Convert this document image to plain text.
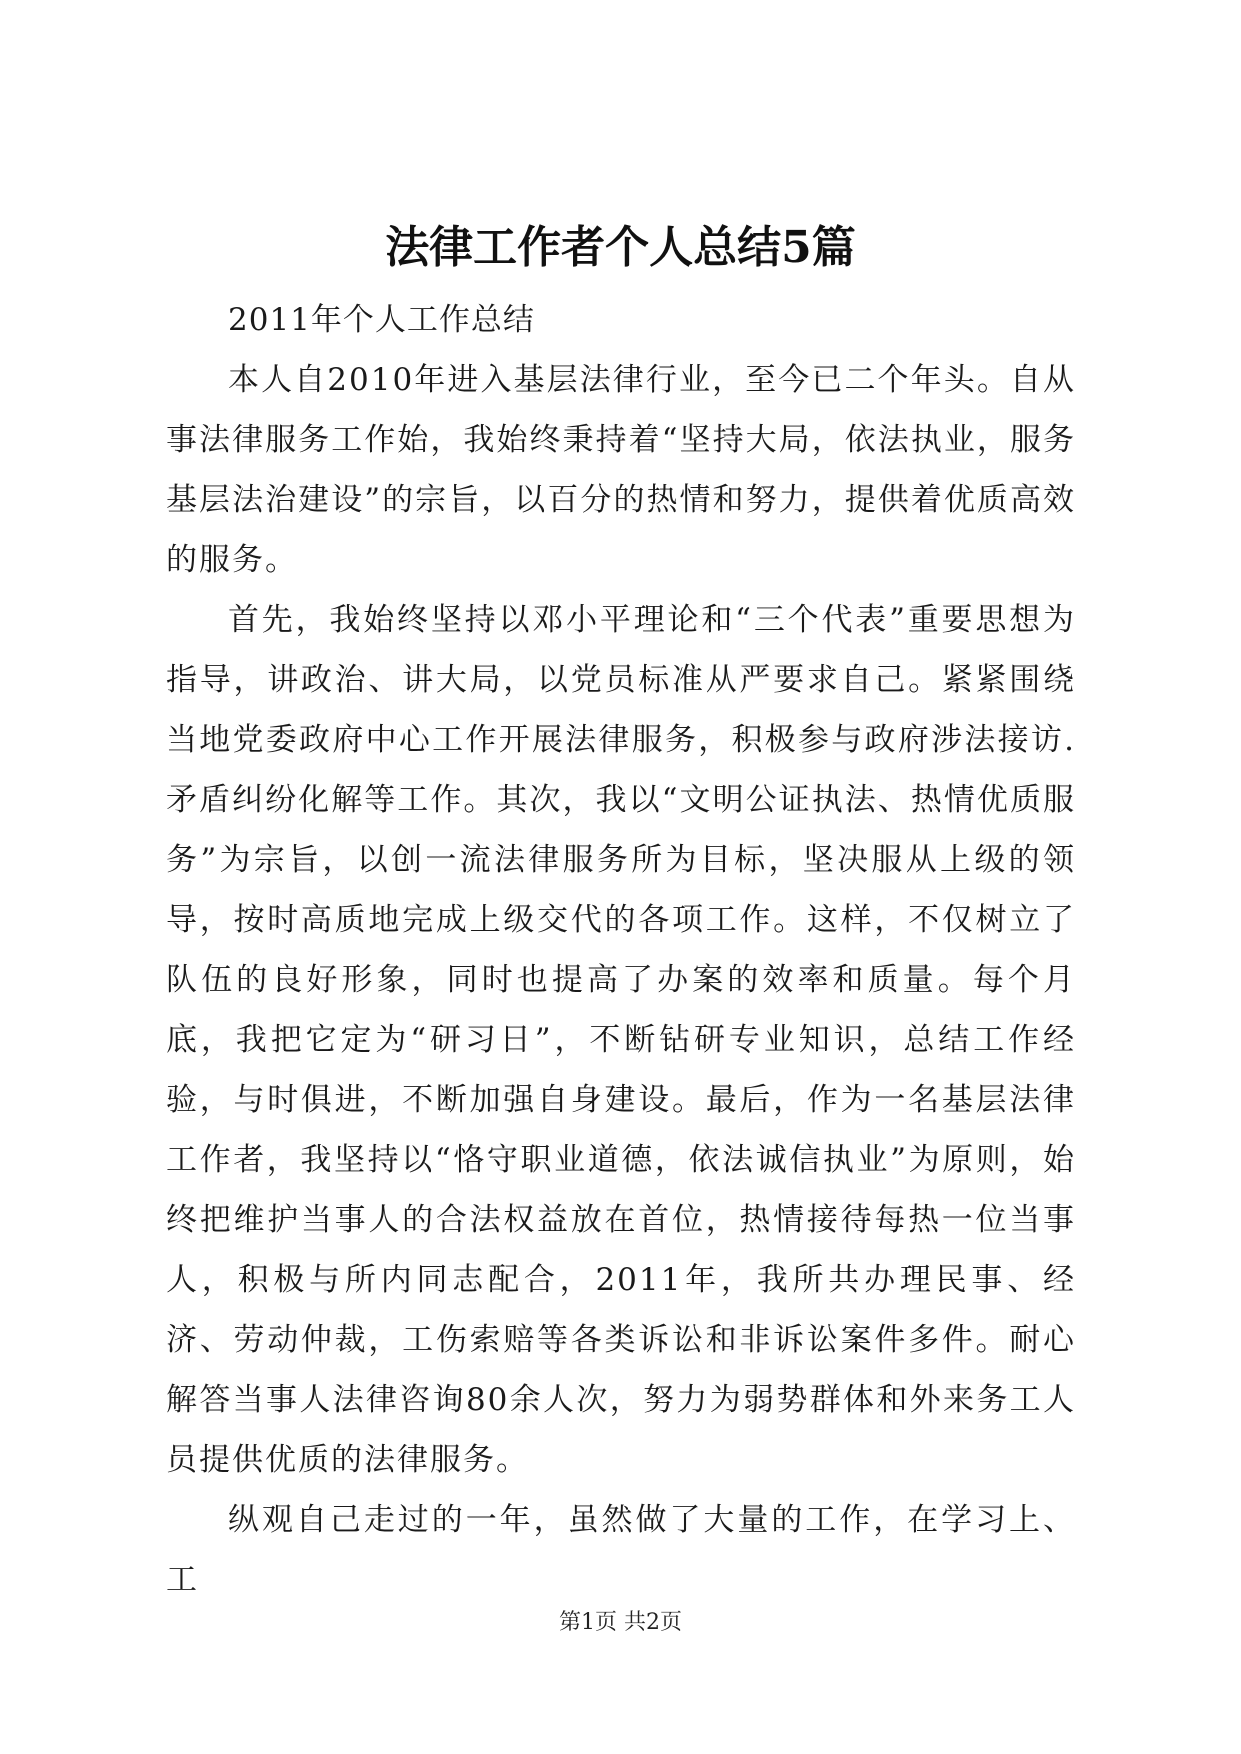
法律工作者个人总结5篇

2011年个人工作总结

本人自2010年进入基层法律行业，至今已二个年头。自从事法律服务工作始，我始终秉持着“坚持大局，依法执业，服务基层法治建设”的宗旨，以百分的热情和努力，提供着优质高效的服务。

首先，我始终坚持以邓小平理论和“三个代表”重要思想为指导，讲政治、讲大局，以党员标准从严要求自己。紧紧围绕当地党委政府中心工作开展法律服务，积极参与政府涉法接访.矛盾纠纷化解等工作。其次，我以“文明公证执法、热情优质服务”为宗旨，以创一流法律服务所为目标，坚决服从上级的领导，按时高质地完成上级交代的各项工作。这样，不仅树立了队伍的良好形象，同时也提高了办案的效率和质量。每个月底，我把它定为“研习日”，不断钻研专业知识，总结工作经验，与时俱进，不断加强自身建设。最后，作为一名基层法律工作者，我坚持以“恪守职业道德，依法诚信执业”为原则，始终把维护当事人的合法权益放在首位，热情接待每热一位当事人，积极与所内同志配合，2011年，我所共办理民事、经济、劳动仲裁，工伤索赔等各类诉讼和非诉讼案件多件。耐心解答当事人法律咨询80余人次，努力为弱势群体和外来务工人员提供优质的法律服务。

纵观自己走过的一年，虽然做了大量的工作，在学习上、工

第1页 共2页
